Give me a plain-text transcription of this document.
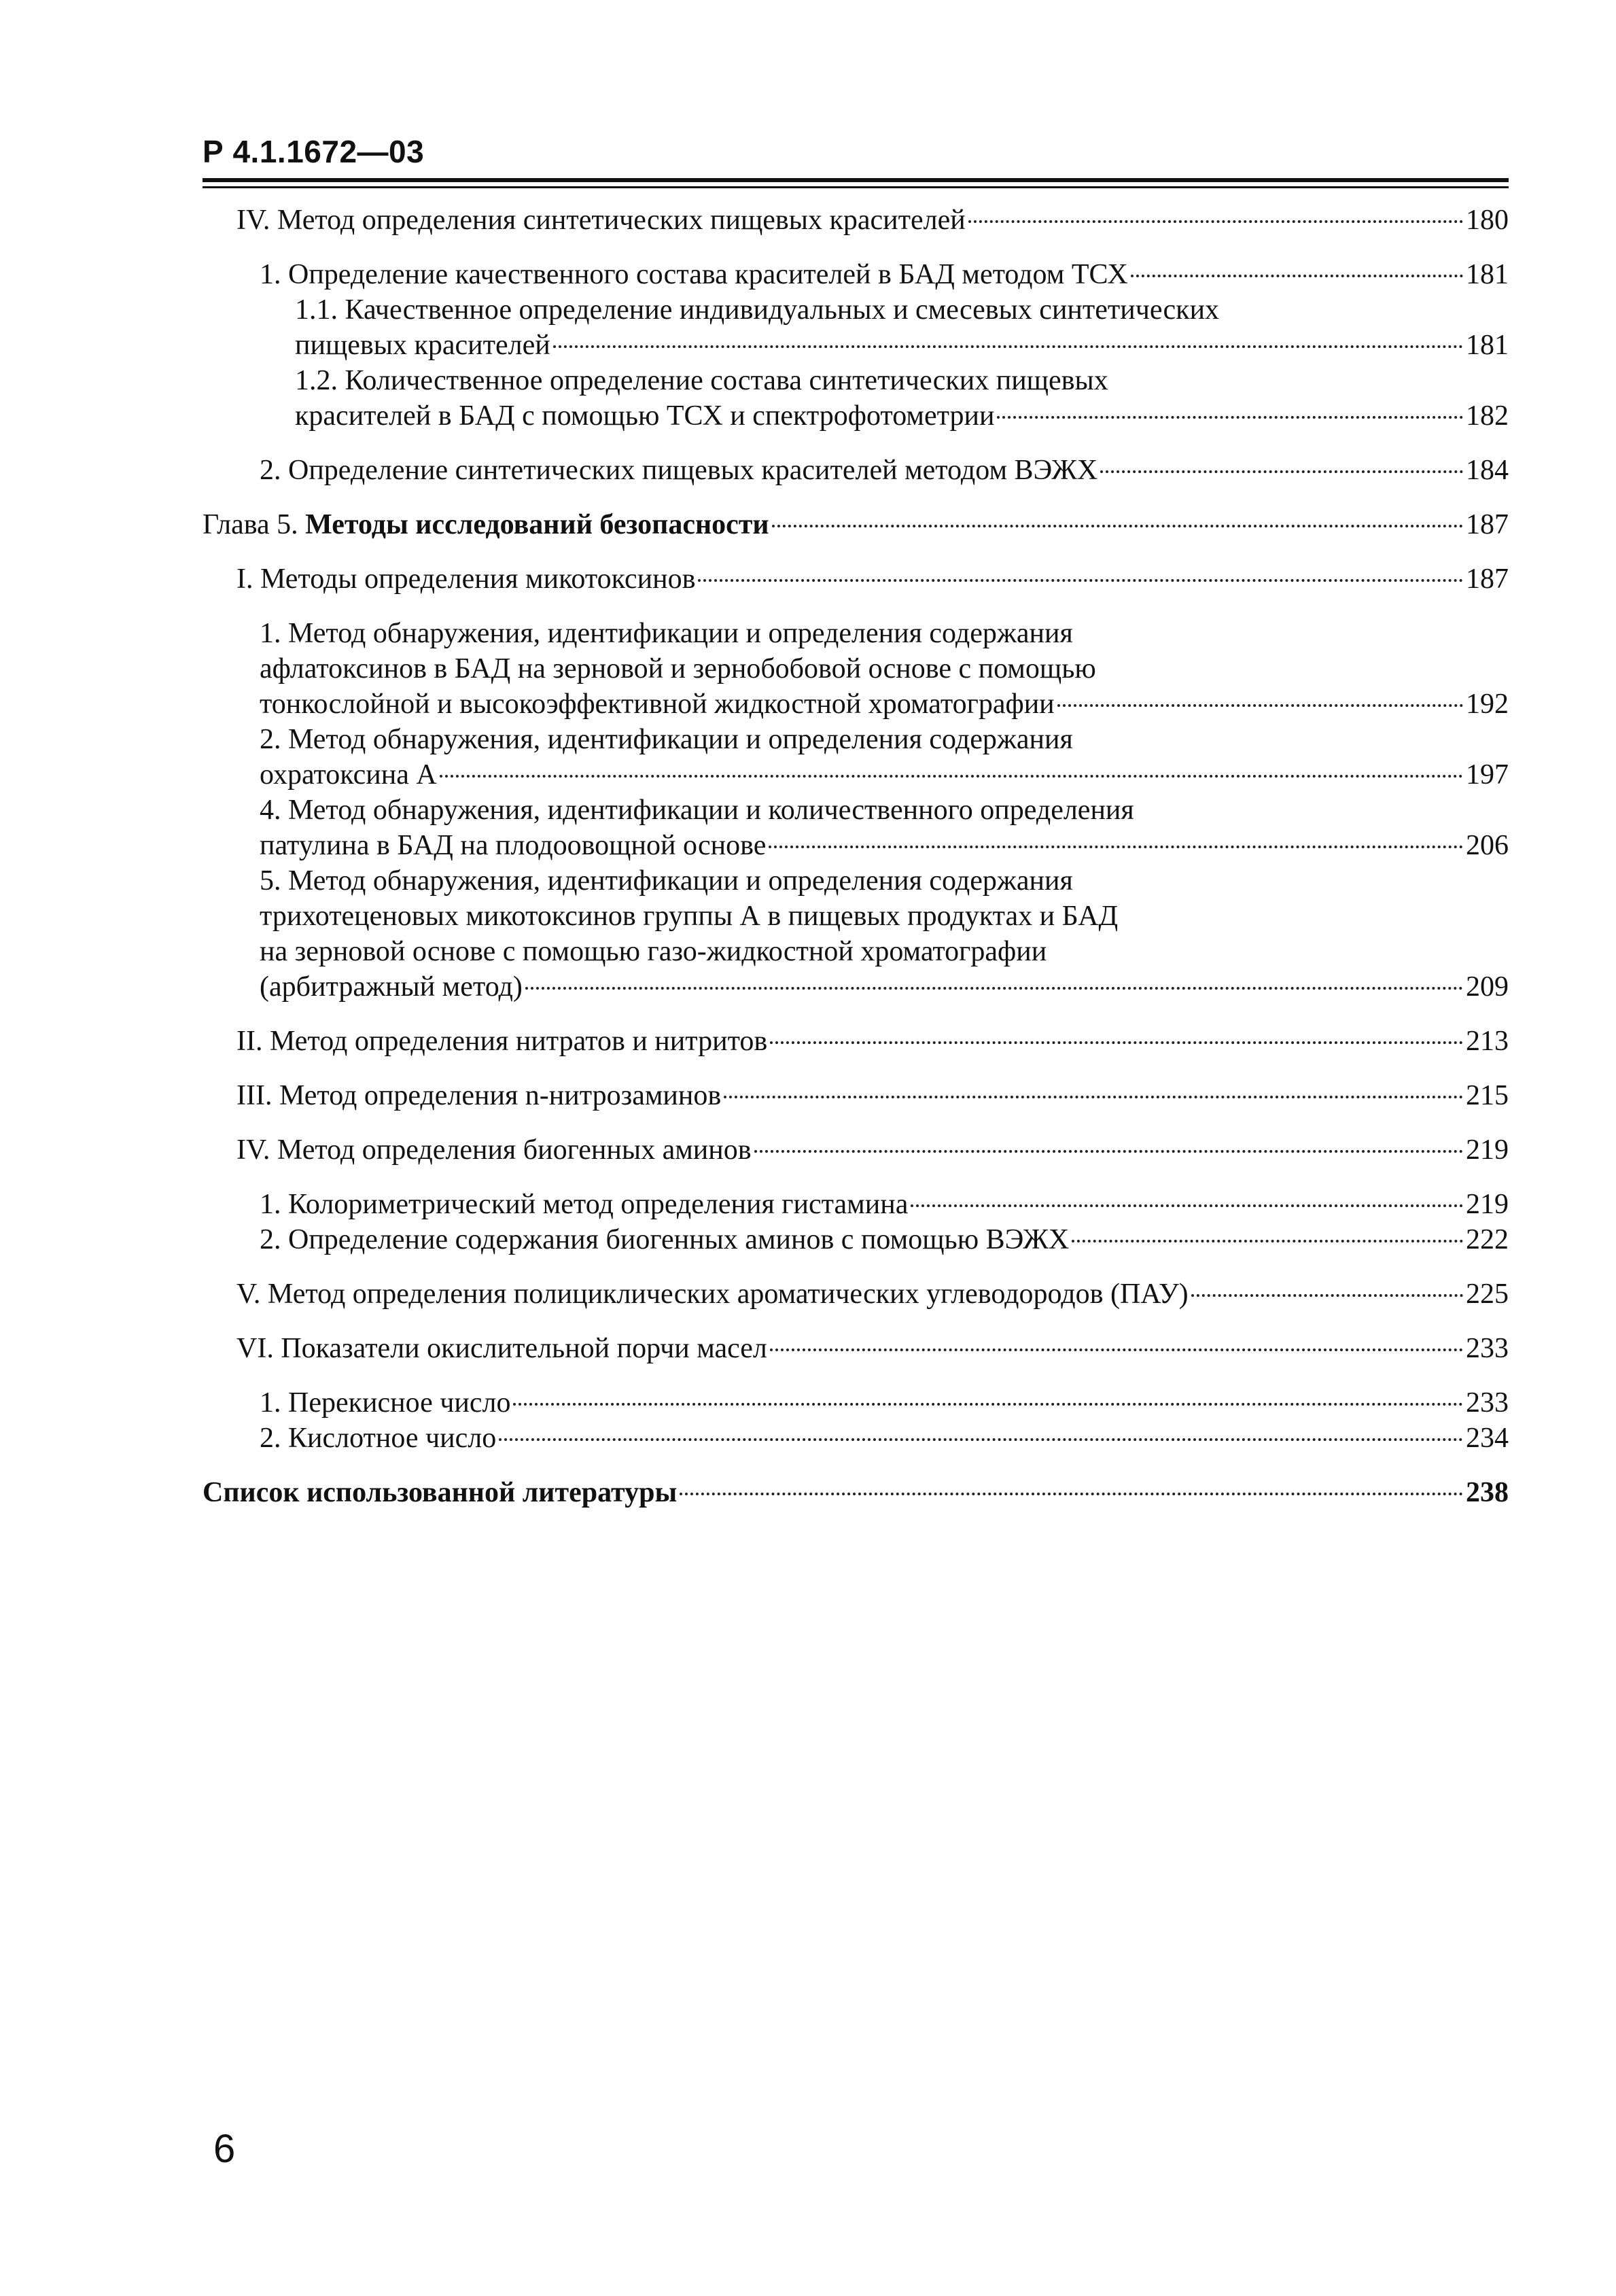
Р 4.1.1672—03
IV. Метод определения синтетических пищевых красителей	180
1. Определение качественного состава красителей в БАД методом ТСХ	181
1.1. Качественное определение индивидуальных и смесевых синтетических
пищевых красителей	181
1.2. Количественное определение состава синтетических пищевых
красителей в БАД с помощью ТСХ и спектрофотометрии	182
2. Определение синтетических пищевых красителей методом ВЭЖХ	184
Глава 5. Методы исследований безопасности	187
I. Методы определения микотоксинов	187
1. Метод обнаружения, идентификации и определения содержания
афлатоксинов в БАД на зерновой и зернобобовой основе с помощью
тонкослойной и высокоэффективной жидкостной хроматографии	192
2. Метод обнаружения, идентификации и определения содержания
охратоксина А	197
4. Метод обнаружения, идентификации и количественного определения
патулина в БАД на плодоовощной основе	206
5. Метод обнаружения, идентификации и определения содержания
трихотеценовых микотоксинов группы А в пищевых продуктах и БАД
на зерновой основе с помощью газо-жидкостной хроматографии
(арбитражный метод)	209
II. Метод определения нитратов и нитритов	213
III. Метод определения n-нитрозаминов	215
IV. Метод определения биогенных аминов	219
1. Колориметрический метод определения гистамина	219
2. Определение содержания биогенных аминов с помощью ВЭЖХ	222
V. Метод определения полициклических ароматических углеводородов (ПАУ)	225
VI. Показатели окислительной порчи масел	233
1. Перекисное число	233
2. Кислотное число	234
Список использованной литературы	238
6
